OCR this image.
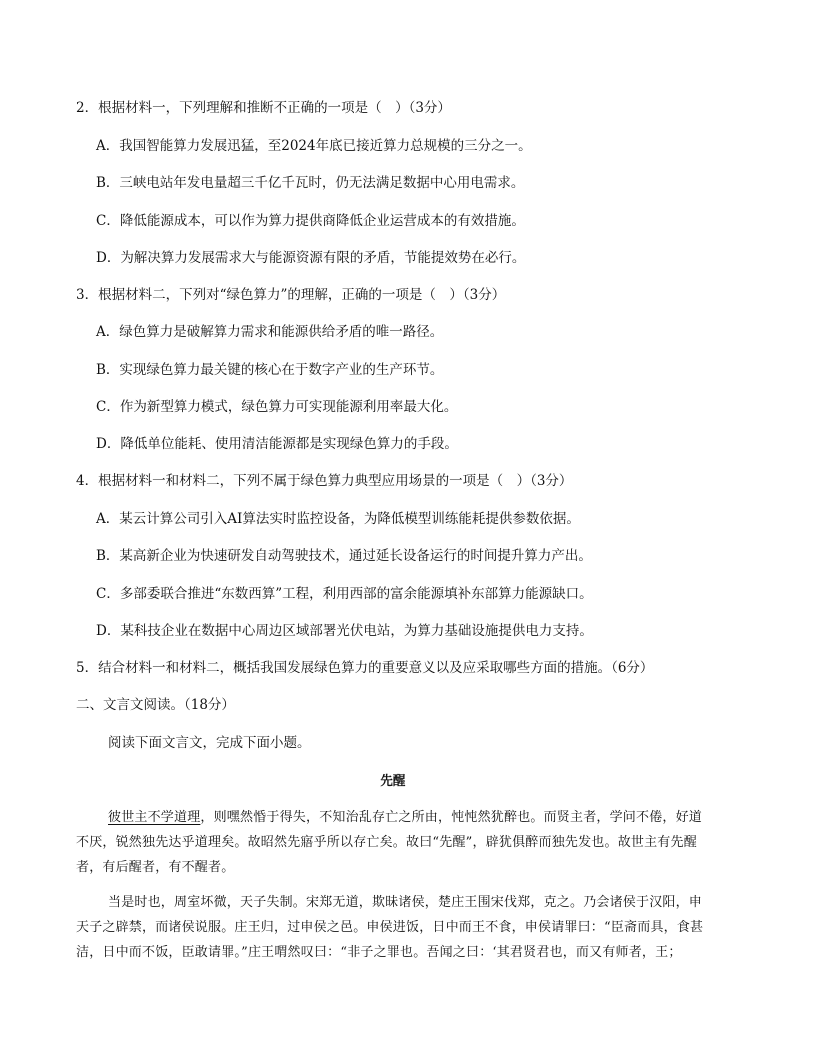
2．根据材料一，下列理解和推断不正确的一项是（　）（3分）
A．我国智能算力发展迅猛，至2024年底已接近算力总规模的三分之一。
B．三峡电站年发电量超三千亿千瓦时，仍无法满足数据中心用电需求。
C．降低能源成本，可以作为算力提供商降低企业运营成本的有效措施。
D．为解决算力发展需求大与能源资源有限的矛盾，节能提效势在必行。
3．根据材料二，下列对“绿色算力”的理解，正确的一项是（　）（3分）
A．绿色算力是破解算力需求和能源供给矛盾的唯一路径。
B．实现绿色算力最关键的核心在于数字产业的生产环节。
C．作为新型算力模式，绿色算力可实现能源利用率最大化。
D．降低单位能耗、使用清洁能源都是实现绿色算力的手段。
4．根据材料一和材料二，下列不属于绿色算力典型应用场景的一项是（　）（3分）
A．某云计算公司引入AI算法实时监控设备，为降低模型训练能耗提供参数依据。
B．某高新企业为快速研发自动驾驶技术，通过延长设备运行的时间提升算力产出。
C．多部委联合推进“东数西算”工程，利用西部的富余能源填补东部算力能源缺口。
D．某科技企业在数据中心周边区域部署光伏电站，为算力基础设施提供电力支持。
5．结合材料一和材料二，概括我国发展绿色算力的重要意义以及应采取哪些方面的措施。（6分）
二、文言文阅读。（18分）
阅读下面文言文，完成下面小题。
先醒
彼世主不学道理，则嘿然惛于得失，不知治乱存亡之所由，忳忳然犹醉也。而贤主者，学问不倦，好道
不厌，锐然独先达乎道理矣。故昭然先寤乎所以存亡矣。故曰“先醒”，辟犹俱醉而独先发也。故世主有先醒
者，有后醒者，有不醒者。
当是时也，周室坏微，天子失制。宋郑无道，欺昧诸侯，楚庄王围宋伐郑，克之。乃会诸侯于汉阳，申
天子之辟禁，而诸侯说服。庄王归，过申侯之邑。申侯进饭，日中而王不食，申侯请罪曰：“臣斋而具，食甚
洁，日中而不饭，臣敢请罪。”庄王喟然叹曰：“非子之罪也。吾闻之曰：‘其君贤君也，而又有师者，王；
